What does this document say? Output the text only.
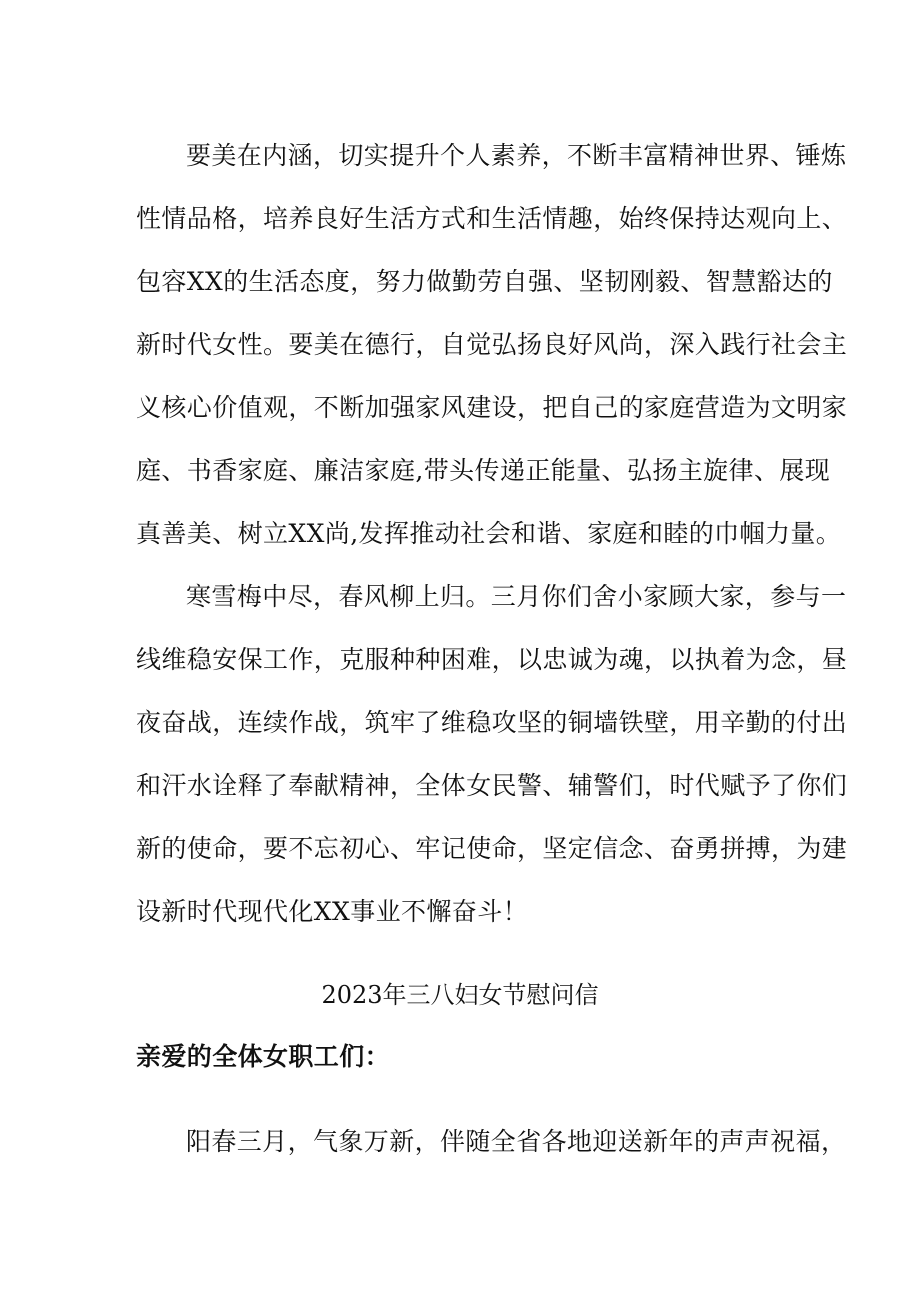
要美在内涵，切实提升个人素养，不断丰富精神世界、锤炼
性情品格，培养良好生活方式和生活情趣，始终保持达观向上、
包容XX的生活态度，努力做勤劳自强、坚韧刚毅、智慧豁达的
新时代女性。要美在德行，自觉弘扬良好风尚，深入践行社会主
义核心价值观，不断加强家风建设，把自己的家庭营造为文明家
庭、书香家庭、廉洁家庭,带头传递正能量、弘扬主旋律、展现
真善美、树立XX尚,发挥推动社会和谐、家庭和睦的巾帼力量。
寒雪梅中尽，春风柳上归。三月你们舍小家顾大家，参与一
线维稳安保工作，克服种种困难，以忠诚为魂，以执着为念，昼
夜奋战，连续作战，筑牢了维稳攻坚的铜墙铁壁，用辛勤的付出
和汗水诠释了奉献精神，全体女民警、辅警们，时代赋予了你们
新的使命，要不忘初心、牢记使命，坚定信念、奋勇拼搏，为建
设新时代现代化XX事业不懈奋斗！
2023年三八妇女节慰问信
亲爱的全体女职工们：
阳春三月，气象万新，伴随全省各地迎送新年的声声祝福，
